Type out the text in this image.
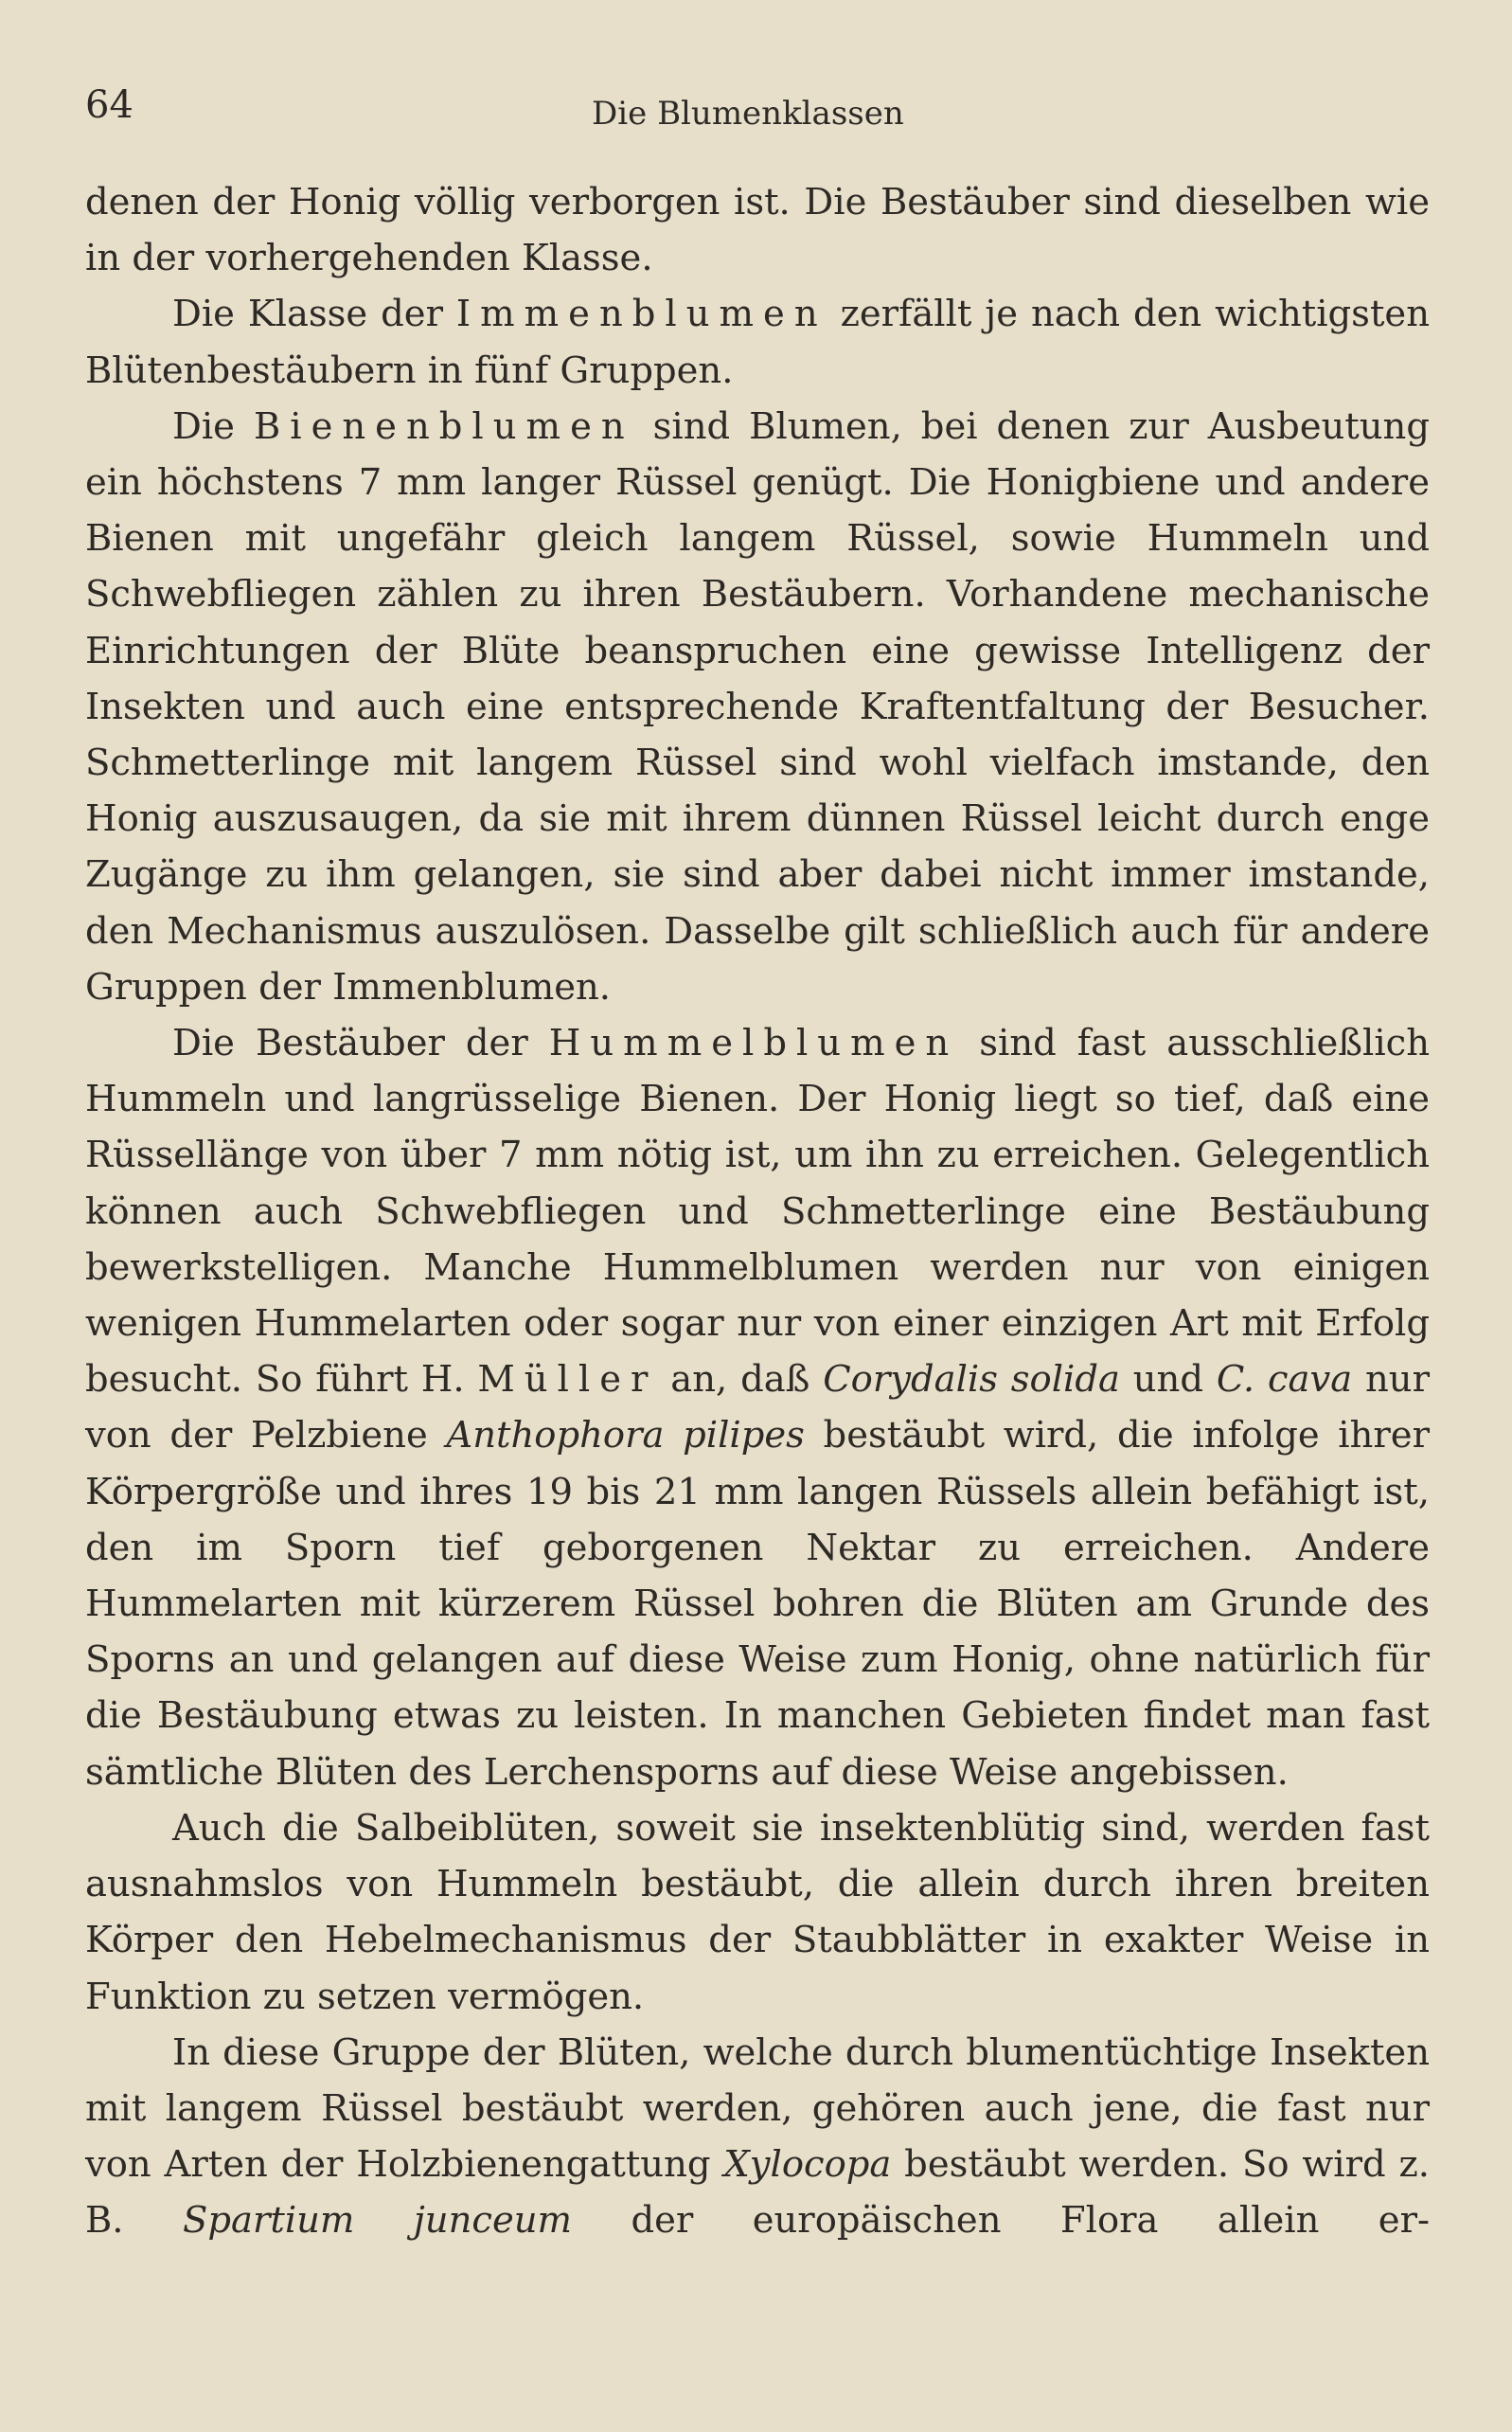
64	Die Blumenklassen

denen der Honig völlig verborgen ist. Die Bestäuber sind dieselben wie in der vorhergehenden Klasse.

Die Klasse der Immenblumen zerfällt je nach den wichtigsten Blütenbestäubern in fünf Gruppen.

Die Bienenblumen sind Blumen, bei denen zur Ausbeutung ein höchstens 7 mm langer Rüssel genügt. Die Honigbiene und andere Bienen mit ungefähr gleich langem Rüssel, sowie Hummeln und Schwebfliegen zählen zu ihren Bestäubern. Vorhandene mechanische Einrichtungen der Blüte beanspruchen eine gewisse Intelligenz der Insekten und auch eine entsprechende Kraftentfaltung der Besucher. Schmetterlinge mit langem Rüssel sind wohl vielfach imstande, den Honig auszusaugen, da sie mit ihrem dünnen Rüssel leicht durch enge Zugänge zu ihm gelangen, sie sind aber dabei nicht immer imstande, den Mechanismus auszulösen. Dasselbe gilt schließlich auch für andere Gruppen der Immenblumen.

Die Bestäuber der Hummelblumen sind fast ausschließlich Hummeln und langrüsselige Bienen. Der Honig liegt so tief, daß eine Rüssellänge von über 7 mm nötig ist, um ihn zu erreichen. Gelegentlich können auch Schwebfliegen und Schmetterlinge eine Bestäubung bewerkstelligen. Manche Hummelblumen werden nur von einigen wenigen Hummelarten oder sogar nur von einer einzigen Art mit Erfolg besucht. So führt H. Müller an, daß Corydalis solida und C. cava nur von der Pelzbiene Anthophora pilipes bestäubt wird, die infolge ihrer Körpergröße und ihres 19 bis 21 mm langen Rüssels allein befähigt ist, den im Sporn tief geborgenen Nektar zu erreichen. Andere Hummelarten mit kürzerem Rüssel bohren die Blüten am Grunde des Sporns an und gelangen auf diese Weise zum Honig, ohne natürlich für die Bestäubung etwas zu leisten. In manchen Gebieten findet man fast sämtliche Blüten des Lerchensporns auf diese Weise angebissen.

Auch die Salbeiblüten, soweit sie insektenblütig sind, werden fast ausnahmslos von Hummeln bestäubt, die allein durch ihren breiten Körper den Hebelmechanismus der Staubblätter in exakter Weise in Funktion zu setzen vermögen.

In diese Gruppe der Blüten, welche durch blumentüchtige Insekten mit langem Rüssel bestäubt werden, gehören auch jene, die fast nur von Arten der Holzbienengattung Xylocopa bestäubt werden. So wird z. B. Spartium junceum der europäischen Flora allein er-
